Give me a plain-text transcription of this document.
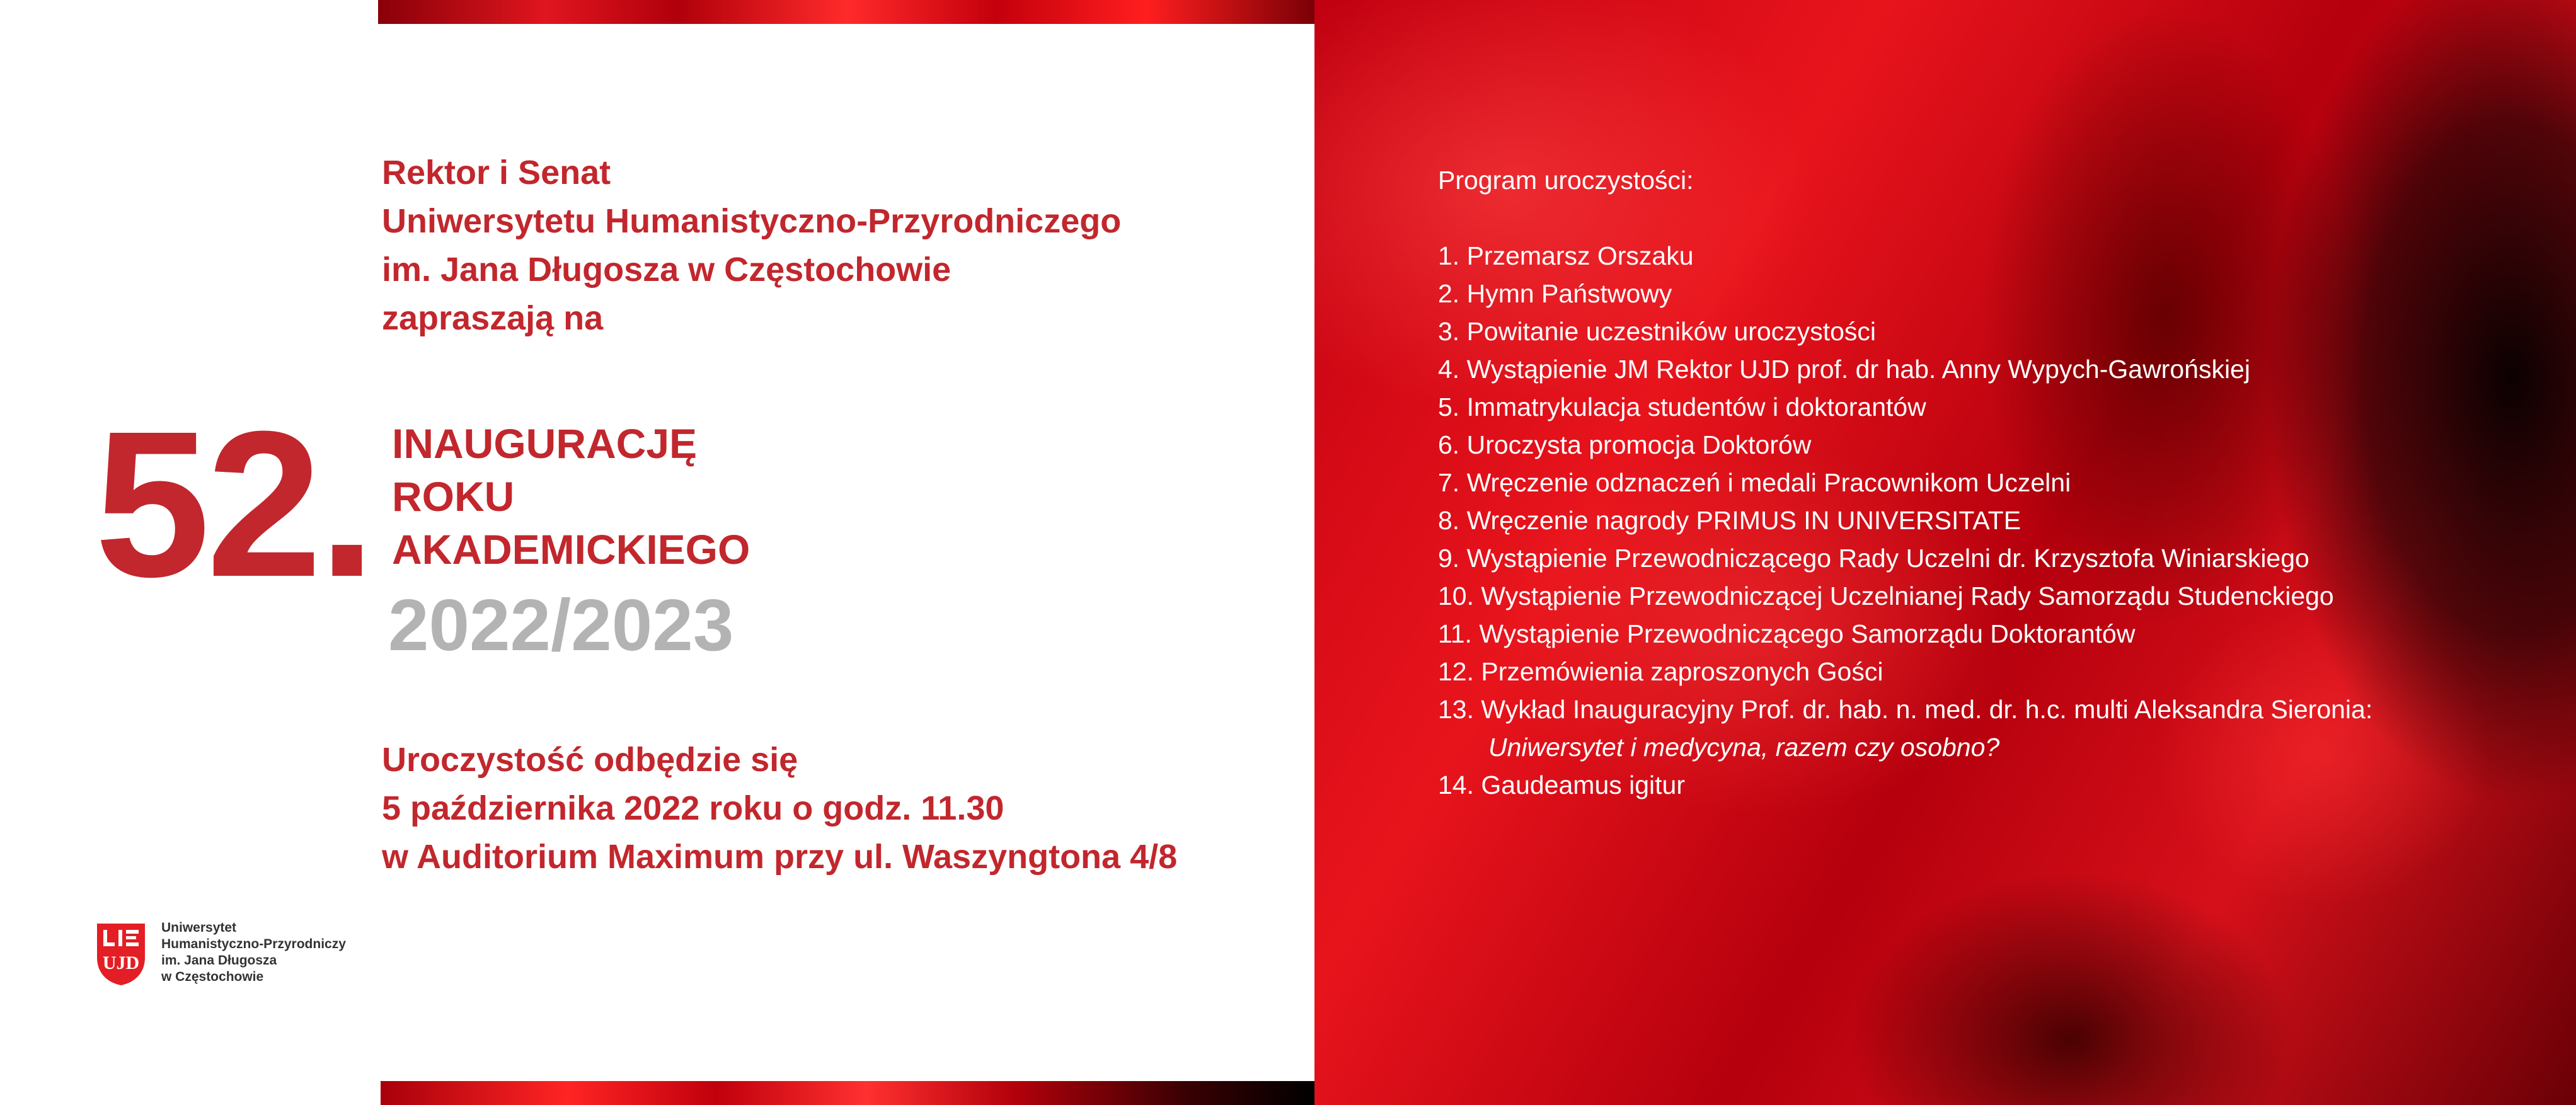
Rektor i Senat
Uniwersytetu Humanistyczno-Przyrodniczego
im. Jana Długosza w Częstochowie
zapraszają na
52. INAUGURACJĘ
ROKU
AKADEMICKIEGO
2022/2023
Uroczystość odbędzie się
5 października 2022 roku o godz. 11.30
w Auditorium Maximum przy ul. Waszyngtona 4/8
UJD
Uniwersytet
Humanistyczno-Przyrodniczy
im. Jana Długosza
w Częstochowie
Program uroczystości:
1. Przemarsz Orszaku
2. Hymn Państwowy
3. Powitanie uczestników uroczystości
4. Wystąpienie JM Rektor UJD prof. dr hab. Anny Wypych-Gawrońskiej
5. Immatrykulacja studentów i doktorantów
6. Uroczysta promocja Doktorów
7. Wręczenie odznaczeń i medali Pracownikom Uczelni
8. Wręczenie nagrody PRIMUS IN UNIVERSITATE
9. Wystąpienie Przewodniczącego Rady Uczelni dr. Krzysztofa Winiarskiego
10. Wystąpienie Przewodniczącej Uczelnianej Rady Samorządu Studenckiego
11. Wystąpienie Przewodniczącego Samorządu Doktorantów
12. Przemówienia zaproszonych Gości
13. Wykład Inauguracyjny Prof. dr. hab. n. med. dr. h.c. multi Aleksandra Sieronia:
Uniwersytet i medycyna, razem czy osobno?
14. Gaudeamus igitur
